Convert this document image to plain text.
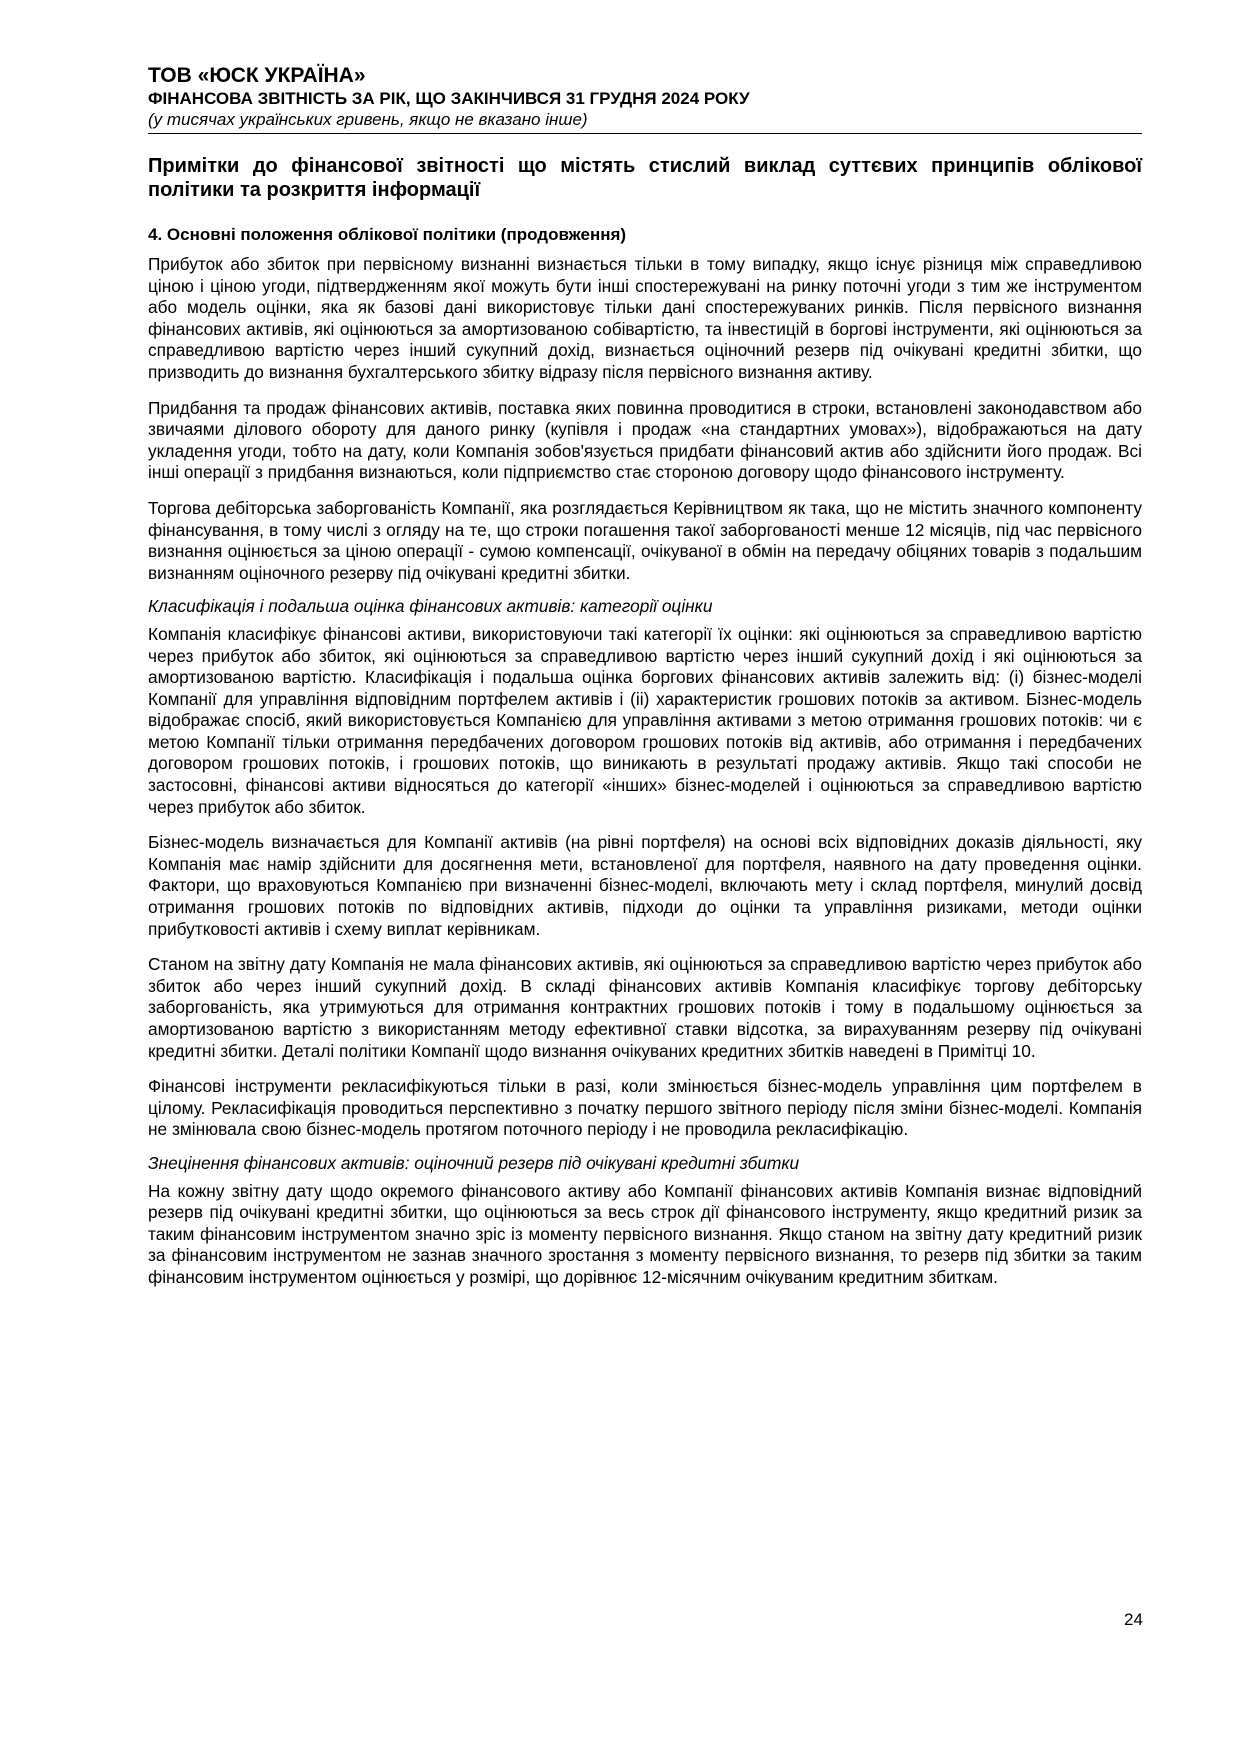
ТОВ «ЮСК УКРАЇНА»
ФІНАНСОВА ЗВІТНІСТЬ ЗА РІК, ЩО ЗАКІНЧИВСЯ 31 ГРУДНЯ 2024 РОКУ
(у тисячах українських гривень, якщо не вказано інше)
Примітки до фінансової звітності що містять стислий виклад суттєвих принципів облікової політики та розкриття інформації
4. Основні положення облікової політики (продовження)

Прибуток або збиток при первісному визнанні визнається тільки в тому випадку, якщо існує різниця між справедливою ціною і ціною угоди, підтвердженням якої можуть бути інші спостережувані на ринку поточні угоди з тим же інструментом або модель оцінки, яка як базові дані використовує тільки дані спостережуваних ринків. Після первісного визнання фінансових активів, які оцінюються за амортизованою собівартістю, та інвестицій в боргові інструменти, які оцінюються за справедливою вартістю через інший сукупний дохід, визнається оціночний резерв під очікувані кредитні збитки, що призводить до визнання бухгалтерського збитку відразу після первісного визнання активу.

Придбання та продаж фінансових активів, поставка яких повинна проводитися в строки, встановлені законодавством або звичаями ділового обороту для даного ринку (купівля і продаж «на стандартних умовах»), відображаються на дату укладення угоди, тобто на дату, коли Компанія зобов'язується придбати фінансовий актив або здійснити його продаж. Всі інші операції з придбання визнаються, коли підприємство стає стороною договору щодо фінансового інструменту.

Торгова дебіторська заборгованість Компанії, яка розглядається Керівництвом як така, що не містить значного компоненту фінансування, в тому числі з огляду на те, що строки погашення такої заборгованості менше 12 місяців, під час первісного визнання оцінюється за ціною операції - сумою компенсації, очікуваної в обмін на передачу обіцяних товарів з подальшим визнанням оціночного резерву під очікувані кредитні збитки.

Класифікація і подальша оцінка фінансових активів: категорії оцінки

Компанія класифікує фінансові активи, використовуючи такі категорії їх оцінки: які оцінюються за справедливою вартістю через прибуток або збиток, які оцінюються за справедливою вартістю через інший сукупний дохід і які оцінюються за амортизованою вартістю. Класифікація і подальша оцінка боргових фінансових активів залежить від: (i) бізнес-моделі Компанії для управління відповідним портфелем активів і (ii) характеристик грошових потоків за активом. Бізнес-модель відображає спосіб, який використовується Компанією для управління активами з метою отримання грошових потоків: чи є метою Компанії тільки отримання передбачених договором грошових потоків від активів, або отримання і передбачених договором грошових потоків, і грошових потоків, що виникають в результаті продажу активів. Якщо такі способи не застосовні, фінансові активи відносяться до категорії «інших» бізнес-моделей і оцінюються за справедливою вартістю через прибуток або збиток.

Бізнес-модель визначається для Компанії активів (на рівні портфеля) на основі всіх відповідних доказів діяльності, яку Компанія має намір здійснити для досягнення мети, встановленої для портфеля, наявного на дату проведення оцінки. Фактори, що враховуються Компанією при визначенні бізнес-моделі, включають мету і склад портфеля, минулий досвід отримання грошових потоків по відповідних активів, підходи до оцінки та управління ризиками, методи оцінки прибутковості активів і схему виплат керівникам.

Станом на звітну дату Компанія не мала фінансових активів, які оцінюються за справедливою вартістю через прибуток або збиток або через інший сукупний дохід. В складі фінансових активів Компанія класифікує торгову дебіторську заборгованість, яка утримуються для отримання контрактних грошових потоків і тому в подальшому оцінюється за амортизованою вартістю з використанням методу ефективної ставки відсотка, за вирахуванням резерву під очікувані кредитні збитки. Деталі політики Компанії щодо визнання очікуваних кредитних збитків наведені в Примітці 10.

Фінансові інструменти рекласифікуються тільки в разі, коли змінюється бізнес-модель управління цим портфелем в цілому. Рекласифікація проводиться перспективно з початку першого звітного періоду після зміни бізнес-моделі. Компанія не змінювала свою бізнес-модель протягом поточного періоду і не проводила рекласифікацію.

Знецінення фінансових активів: оціночний резерв під очікувані кредитні збитки

На кожну звітну дату щодо окремого фінансового активу або Компанії фінансових активів Компанія визнає відповідний резерв під очікувані кредитні збитки, що оцінюються за весь строк дії фінансового інструменту, якщо кредитний ризик за таким фінансовим інструментом значно зріс із моменту первісного визнання. Якщо станом на звітну дату кредитний ризик за фінансовим інструментом не зазнав значного зростання з моменту первісного визнання, то резерв під збитки за таким фінансовим інструментом оцінюється у розмірі, що дорівнює 12-місячним очікуваним кредитним збиткам.

24
